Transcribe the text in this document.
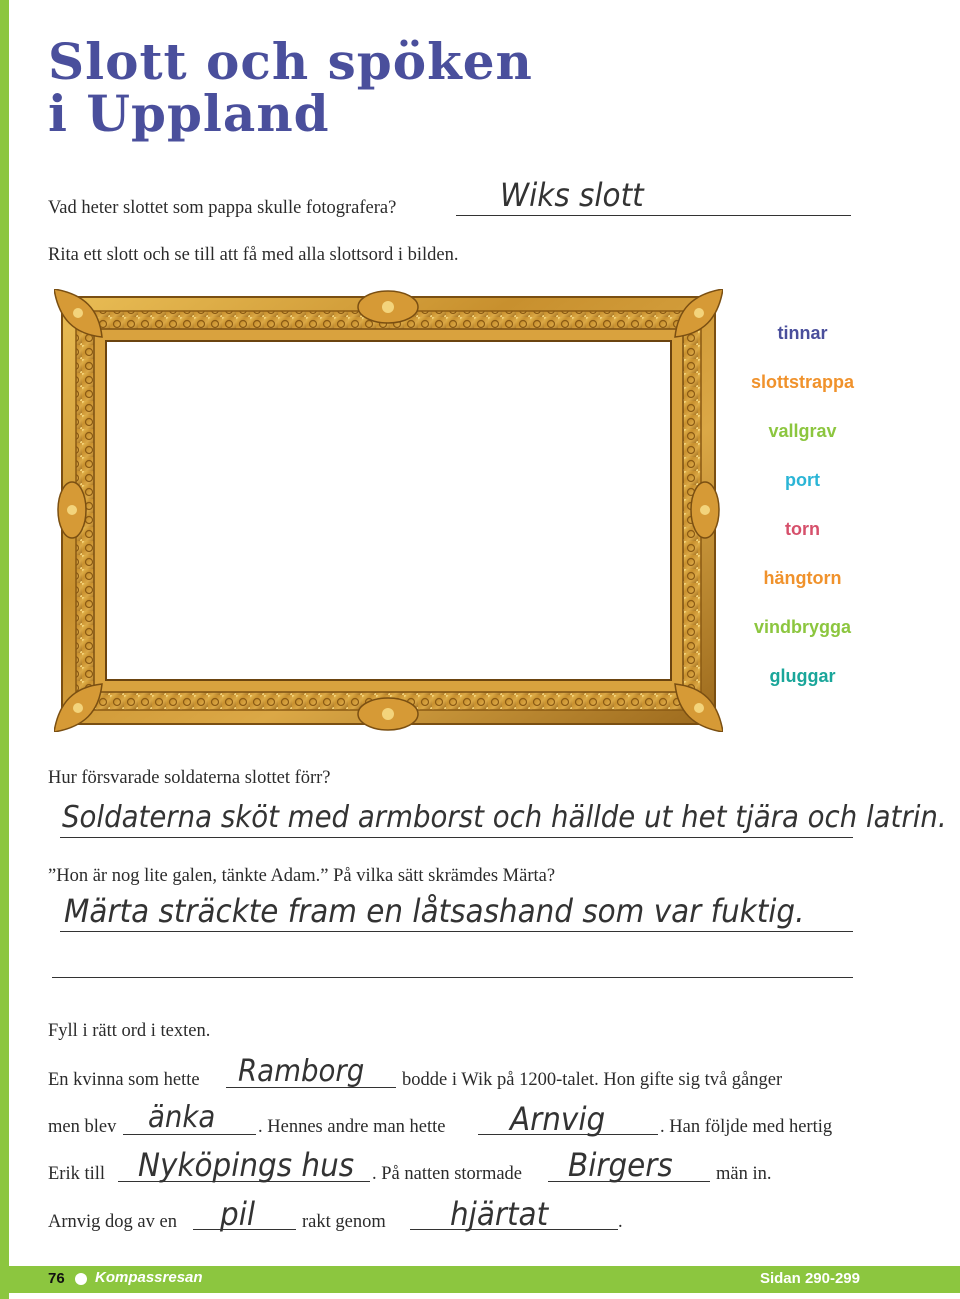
Slott och spöken
i Uppland
Vad heter slottet som pappa skulle fotografera?	Wiks slott
Rita ett slott och se till att få med alla slottsord i bilden.
tinnar
slottstrappa
vallgrav
port
torn
hängtorn
vindbrygga
gluggar
Hur försvarade soldaterna slottet förr?
Soldaterna sköt med armborst och hällde ut het tjära och latrin.
”Hon är nog lite galen, tänkte Adam.” På vilka sätt skrämdes Märta?
Märta sträckte fram en låtsashand som var fuktig.
Fyll i rätt ord i texten.
En kvinna som hette Ramborg bodde i Wik på 1200-talet. Hon gifte sig två gånger
men blev änka . Hennes andre man hette Arnvig	. Han följde med hertig
Erik till Nyköpings hus . På natten stormade Birgers män in.
Arnvig dog av en pil	rakt genom hjärtat	.
76 Kompassresan	Sidan 290-299
